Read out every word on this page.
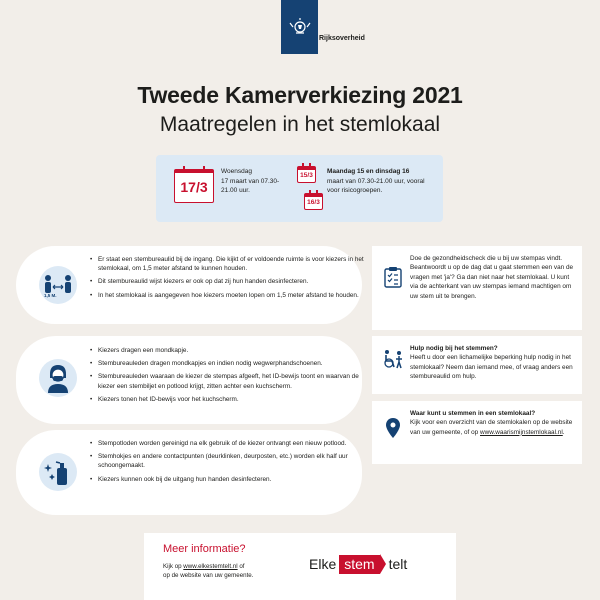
Rijksoverheid
Tweede Kamerverkiezing 2021
Maatregelen in het stemlokaal
17/3
Woensdag
17 maart van 07.30-21.00 uur.
15/3
16/3
Maandag 15 en dinsdag 16
maart van 07.30-21.00 uur, vooral voor risicogroepen.
1,5 M.
• Er staat een stembureaulid bij de ingang. Die kijkt of er voldoende ruimte is voor kiezers in het stemlokaal, om 1,5 meter afstand te kunnen houden.
• Dit stembureaulid wijst kiezers er ook op dat zij hun handen desinfecteren.
• In het stemlokaal is aangegeven hoe kiezers moeten lopen om 1,5 meter afstand te houden.
• Kiezers dragen een mondkapje.
• Stembureauleden dragen mondkapjes en indien nodig wegwerphandschoenen.
• Stembureauleden waaraan de kiezer de stempas afgeeft, het ID-bewijs toont en waarvan de kiezer een stembiljet en potlood krijgt, zitten achter een kuchscherm.
• Kiezers tonen het ID-bewijs voor het kuchscherm.
• Stempotloden worden gereinigd na elk gebruik of de kiezer ontvangt een nieuw potlood.
• Stemhokjes en andere contactpunten (deurklinken, deurposten, etc.) worden elk half uur schoongemaakt.
• Kiezers kunnen ook bij de uitgang hun handen desinfecteren.
Doe de gezondheidscheck die u bij uw stempas vindt. Beantwoordt u op de dag dat u gaat stemmen een van de vragen met 'ja'? Ga dan niet naar het stemlokaal. U kunt via de achterkant van uw stempas iemand machtigen om uw stem uit te brengen.
Hulp nodig bij het stemmen?
Heeft u door een lichamelijke beperking hulp nodig in het stemlokaal? Neem dan iemand mee, of vraag anders een stembureaulid om hulp.
Waar kunt u stemmen in een stemlokaal?
Kijk voor een overzicht van de stemlokalen op de website van uw gemeente, of op www.waarismijnstemlokaal.nl.
Meer informatie?
Kijk op www.elkestemtelt.nl of
op de website van uw gemeente.
Elke stem	telt
